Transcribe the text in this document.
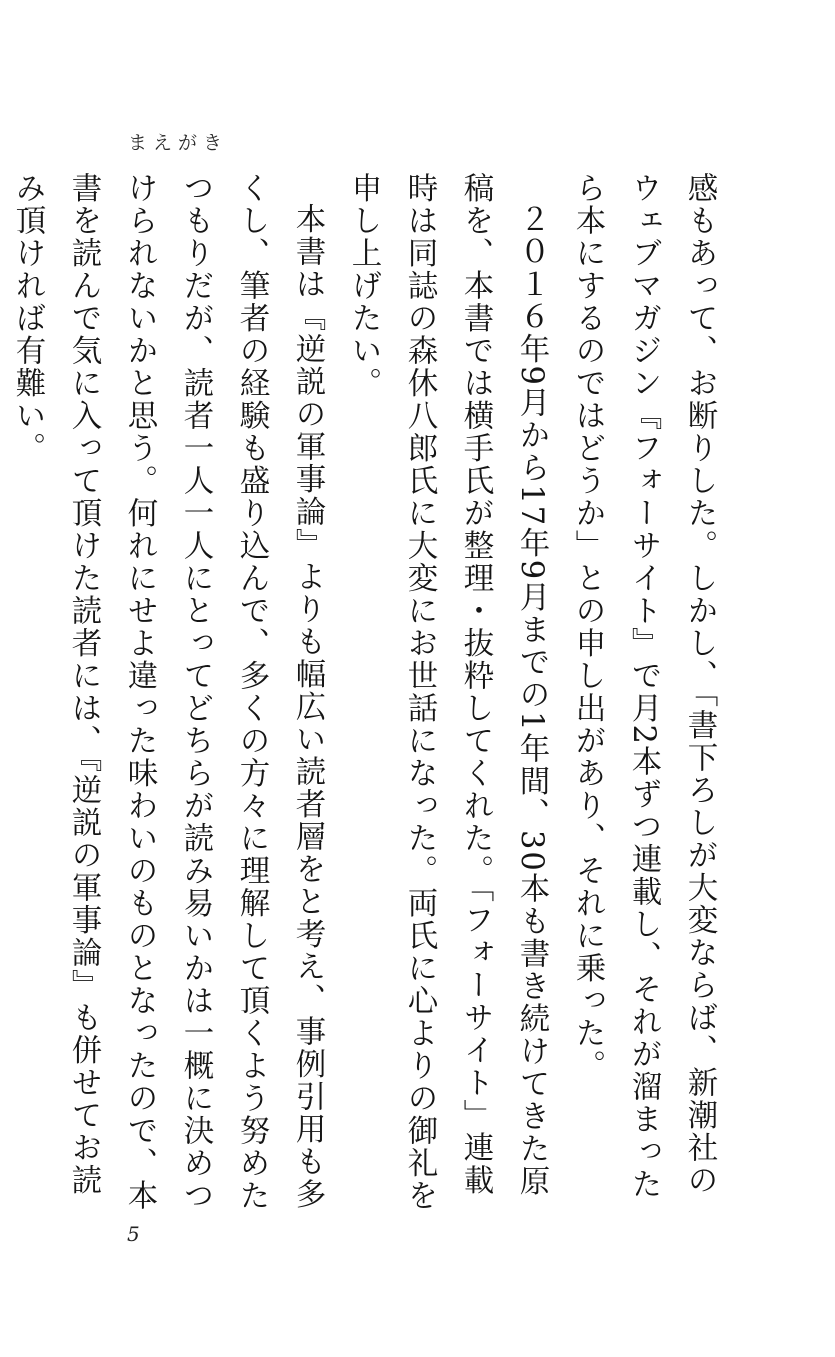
まえがき

感もあって、お断りした。しかし、「書下ろしが大変ならば、新潮社のウェブマガジン『フォーサイト』で月2本ずつ連載し、それが溜まったら本にするのではどうか」との申し出があり、それに乗った。

２０１６年9月から17年9月までの1年間、30本も書き続けてきた原稿を、本書では横手氏が整理・抜粋してくれた。「フォーサイト」連載時は同誌の森休八郎氏に大変にお世話になった。両氏に心よりの御礼を申し上げたい。

本書は『逆説の軍事論』よりも幅広い読者層をと考え、事例引用も多くし、筆者の経験も盛り込んで、多くの方々に理解して頂くよう努めたつもりだが、読者一人一人にとってどちらが読み易いかは一概に決めつけられないかと思う。何れにせよ違った味わいのものとなったので、本書を読んで気に入って頂けた読者には、『逆説の軍事論』も併せてお読み頂ければ有難い。

5
